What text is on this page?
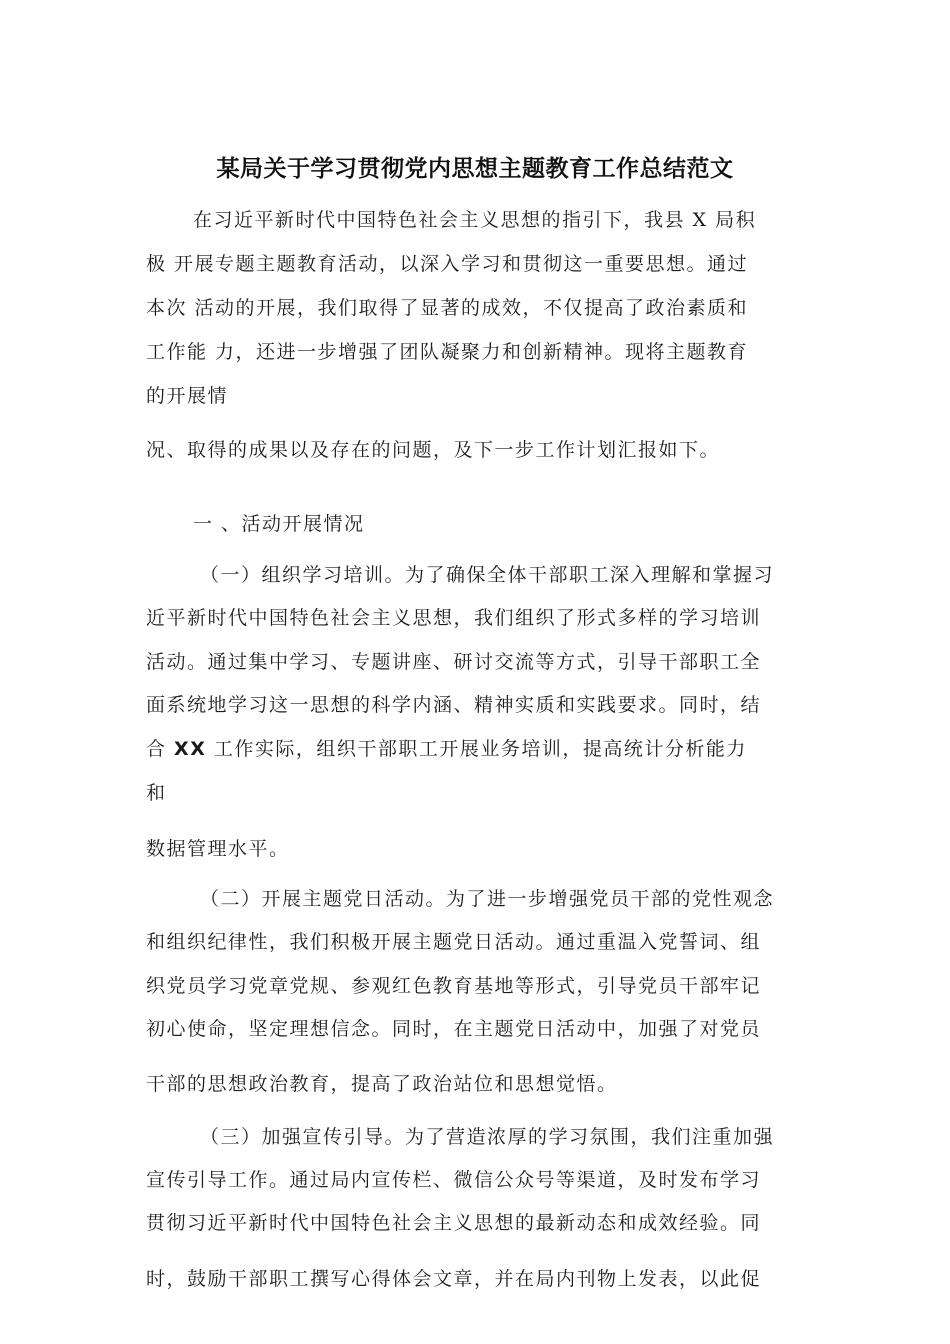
某局关于学习贯彻党内思想主题教育工作总结范文
在习近平新时代中国特色社会主义思想的指引下，我县 X 局积
极 开展专题主题教育活动，以深入学习和贯彻这一重要思想。通过
本次 活动的开展，我们取得了显著的成效，不仅提高了政治素质和
工作能 力，还进一步增强了团队凝聚力和创新精神。现将主题教育
的开展情
况、取得的成果以及存在的问题，及下一步工作计划汇报如下。
一 、活动开展情况
（一）组织学习培训。为了确保全体干部职工深入理解和掌握习
近平新时代中国特色社会主义思想，我们组织了形式多样的学习培训
活动。通过集中学习、专题讲座、研讨交流等方式，引导干部职工全
面系统地学习这一思想的科学内涵、精神实质和实践要求。同时，结
合 XX 工作实际，组织干部职工开展业务培训，提高统计分析能力
和
数据管理水平。
（二）开展主题党日活动。为了进一步增强党员干部的党性观念
和组织纪律性，我们积极开展主题党日活动。通过重温入党誓词、组
织党员学习党章党规、参观红色教育基地等形式，引导党员干部牢记
初心使命，坚定理想信念。同时，在主题党日活动中，加强了对党员
干部的思想政治教育，提高了政治站位和思想觉悟。
（三）加强宣传引导。为了营造浓厚的学习氛围，我们注重加强
宣传引导工作。通过局内宣传栏、微信公众号等渠道，及时发布学习
贯彻习近平新时代中国特色社会主义思想的最新动态和成效经验。同
时，鼓励干部职工撰写心得体会文章，并在局内刊物上发表，以此促
